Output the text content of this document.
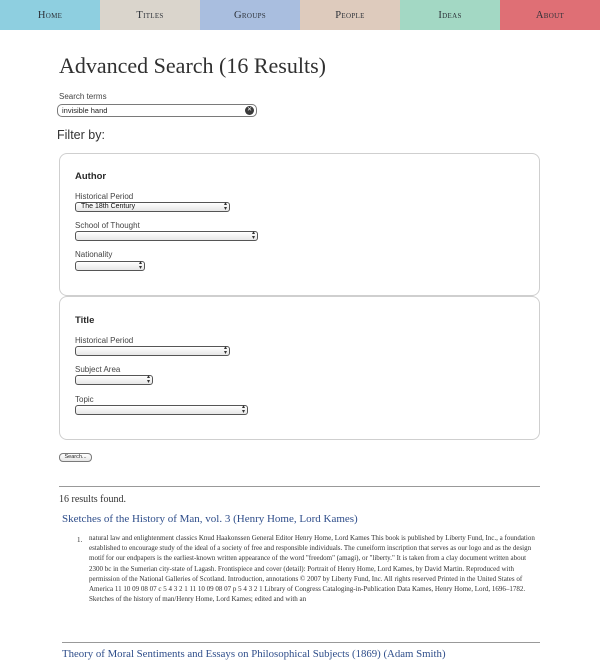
Home	Titles	Groups	People	Ideas	About
Advanced Search (16 Results)
Search terms
invisible hand
✕
Filter by:
Author
Historical Period
The 18th Century	▴
▾
School of Thought
▴
▾
Nationality
▴
▾
Title
Historical Period
▴
▾
Subject Area
▴
▾
Topic
▴
▾
Search...
16 results found.
Sketches of the History of Man, vol. 3 (Henry Home, Lord Kames)
1. natural law and enlightenment classics Knud Haakonssen General Editor Henry Home, Lord Kames This book is published by Liberty Fund, Inc., a foundation established to encourage study of the ideal of a society of free and responsible individuals. The cuneiform inscription that serves as our logo and as the design motif for our endpapers is the earliest-known written appearance of the word "freedom" (amagi), or "liberty." It is taken from a clay document written about 2300 bc in the Sumerian city-state of Lagash. Frontispiece and cover (detail): Portrait of Henry Home, Lord Kames, by David Martin. Reproduced with permission of the National Galleries of Scotland. Introduction, annotations © 2007 by Liberty Fund, Inc. All rights reserved Printed in the United States of America 11 10 09 08 07 c 5 4 3 2 1 11 10 09 08 07 p 5 4 3 2 1 Library of Congress Cataloging-in-Publication Data Kames, Henry Home, Lord, 1696–1782. Sketches of the history of man/Henry Home, Lord Kames; edited and with an

Theory of Moral Sentiments and Essays on Philosophical Subjects (1869) (Adam Smith)
